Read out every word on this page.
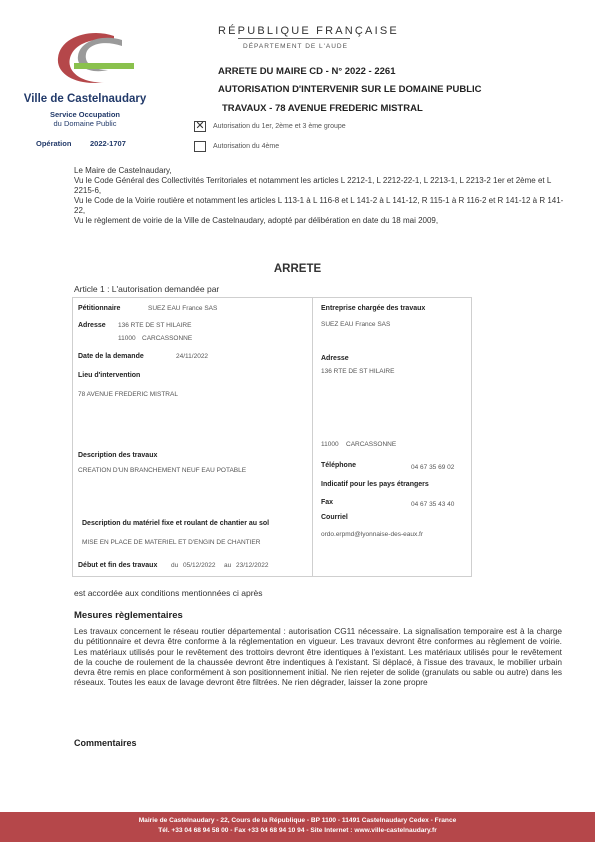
Ville de Castelnaudary
Service Occupation
du Domaine Public
Opération 2022-1707
RÉPUBLIQUE FRANÇAISE
DÉPARTEMENT DE L'AUDE
ARRETE DU MAIRE CD - N° 2022 - 2261
AUTORISATION D'INTERVENIR SUR LE DOMAINE PUBLIC
TRAVAUX - 78 AVENUE FREDERIC MISTRAL
✕ Autorisation du 1er, 2ème et 3 ème groupe
Autorisation du 4ème

Le Maire de Castelnaudary,

Vu le Code Général des Collectivités Territoriales et notamment les articles L 2212-1, L 2212-22-1, L 2213-1, L 2213-2 1er et 2ème et L 2215-6,

Vu le Code de la Voirie routière et notamment les articles L 113-1 à L 116-8 et L 141-2 à L 141-12, R 115-1 à R 116-2 et R 141-12 à R 141-22,

Vu le règlement de voirie de la Ville de Castelnaudary, adopté par délibération en date du 18 mai 2009,

ARRETE
Article 1 : L'autorisation demandée par
Pétitionnaire	SUEZ EAU France SAS
Adresse 136 RTE DE ST HILAIRE
11000 CARCASSONNE
Date de la demande	24/11/2022
Lieu d'intervention
78 AVENUE FREDERIC MISTRAL
Description des travaux
CREATION D'UN BRANCHEMENT NEUF EAU POTABLE
Description du matériel fixe et roulant de chantier au sol
MISE EN PLACE DE MATERIEL ET D'ENGIN DE CHANTIER
Début et fin des travaux du 05/12/2022 au 23/12/2022
Entreprise chargée des travaux
SUEZ EAU France SAS
Adresse
136 RTE DE ST HILAIRE
11000 CARCASSONNE
Téléphone	04 67 35 69 02
Indicatif pour les pays étrangers
Fax	04 67 35 43 40
Courriel
ordo.erpmd@lyonnaise-des-eaux.fr
est accordée aux conditions mentionnées ci après
Mesures règlementaires
Les travaux concernent le réseau routier départemental : autorisation CG11 nécessaire. La signalisation temporaire est à la charge du pétitionnaire et devra être conforme à la réglementation en vigueur. Les travaux devront être conformes au règlement de voirie. Les matériaux utilisés pour le revêtement des trottoirs devront être identiques à l'existant. Les matériaux utilisés pour le revêtement de la couche de roulement de la chaussée devront être indentiques à l'existant. Si déplacé, à l'issue des travaux, le mobilier urbain devra être remis en place conformément à son positionnement initial. Ne rien rejeter de solide (granulats ou sable ou autre) dans les réseaux. Toutes les eaux de lavage devront être filtrées. Ne rien dégrader, laisser la zone propre
Commentaires
Mairie de Castelnaudary - 22, Cours de la République - BP 1100 - 11491 Castelnaudary Cedex - France
Tél. +33 04 68 94 58 00 - Fax +33 04 68 94 10 94 - Site Internet : www.ville-castelnaudary.fr
